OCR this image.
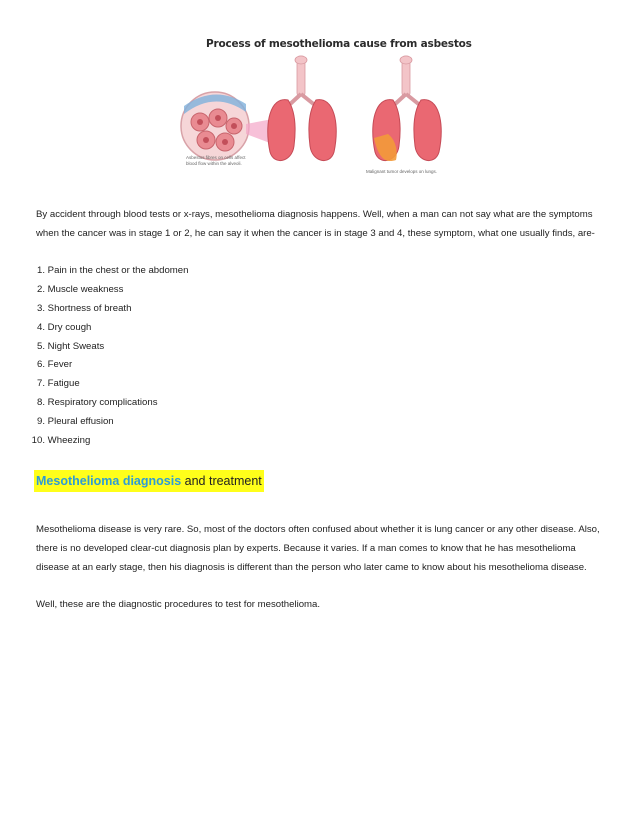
Process of mesothelioma cause from asbestos
Asbestos fibres on cells affect blood flow within the alveoli.
Malignant tumor develops on lungs.
By accident through blood tests or x-rays, mesothelioma diagnosis happens. Well, when a man can not say what are the symptoms
when the cancer was in stage 1 or 2, he can say it when the cancer is in stage 3 and 4, these symptom, what one usually finds, are-
1. Pain in the chest or the abdomen
2. Muscle weakness
3. Shortness of breath
4. Dry cough
5. Night Sweats
6. Fever
7. Fatigue
8. Respiratory complications
9. Pleural effusion
10. Wheezing
Mesothelioma diagnosis and treatment
Mesothelioma disease is very rare. So, most of the doctors often confused about whether it is lung cancer or any other disease. Also,
there is no developed clear-cut diagnosis plan by experts. Because it varies. If a man comes to know that he has mesothelioma
disease at an early stage, then his diagnosis is different than the person who later came to know about his mesothelioma disease.
Well, these are the diagnostic procedures to test for mesothelioma.
